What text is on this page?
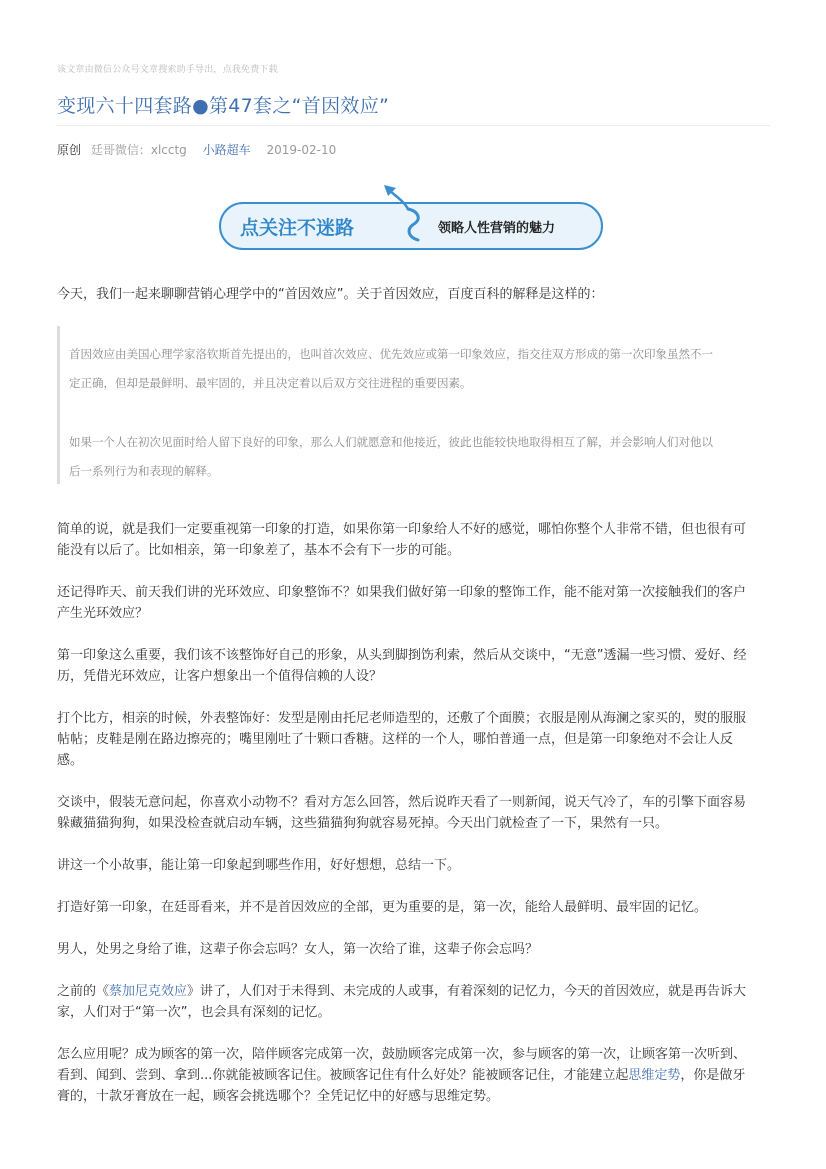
该文章由微信公众号文章搜索助手导出，点我免费下载
变现六十四套路●第47套之“首因效应”
原创 廷哥微信：xlcctg 小路超车 2019-02-10
点关注不迷路	领略人性营销的魅力

今天，我们一起来聊聊营销心理学中的“首因效应”。关于首因效应，百度百科的解释是这样的：

首因效应由美国心理学家洛钦斯首先提出的，也叫首次效应、优先效应或第一印象效应，指交往双方形成的第一次印象虽然不一

定正确，但却是最鲜明、最牢固的，并且决定着以后双方交往进程的重要因素。

如果一个人在初次见面时给人留下良好的印象，那么人们就愿意和他接近，彼此也能较快地取得相互了解，并会影响人们对他以

后一系列行为和表现的解释。

简单的说，就是我们一定要重视第一印象的打造，如果你第一印象给人不好的感觉，哪怕你整个人非常不错，但也很有可

能没有以后了。比如相亲，第一印象差了，基本不会有下一步的可能。

还记得昨天、前天我们讲的光环效应、印象整饰不？如果我们做好第一印象的整饰工作，能不能对第一次接触我们的客户

产生光环效应？

第一印象这么重要，我们该不该整饰好自己的形象，从头到脚捯饬利索，然后从交谈中，“无意”透漏一些习惯、爱好、经

历，凭借光环效应，让客户想象出一个值得信赖的人设？

打个比方，相亲的时候，外表整饰好：发型是刚由托尼老师造型的，还敷了个面膜；衣服是刚从海澜之家买的，熨的服服

帖帖；皮鞋是刚在路边擦亮的；嘴里刚吐了十颗口香糖。这样的一个人，哪怕普通一点，但是第一印象绝对不会让人反

感。

交谈中，假装无意问起，你喜欢小动物不？看对方怎么回答，然后说昨天看了一则新闻，说天气冷了，车的引擎下面容易

躲藏猫猫狗狗，如果没检查就启动车辆，这些猫猫狗狗就容易死掉。今天出门就检查了一下，果然有一只。

讲这一个小故事，能让第一印象起到哪些作用，好好想想，总结一下。

打造好第一印象，在廷哥看来，并不是首因效应的全部，更为重要的是，第一次，能给人最鲜明、最牢固的记忆。

男人，处男之身给了谁，这辈子你会忘吗？女人，第一次给了谁，这辈子你会忘吗？

之前的《蔡加尼克效应》讲了，人们对于未得到、未完成的人或事，有着深刻的记忆力，今天的首因效应，就是再告诉大

家，人们对于“第一次”，也会具有深刻的记忆。

怎么应用呢？成为顾客的第一次，陪伴顾客完成第一次，鼓励顾客完成第一次，参与顾客的第一次，让顾客第一次听到、

看到、闻到、尝到、拿到...你就能被顾客记住。被顾客记住有什么好处？能被顾客记住，才能建立起思维定势，你是做牙

膏的，十款牙膏放在一起，顾客会挑选哪个？全凭记忆中的好感与思维定势。
